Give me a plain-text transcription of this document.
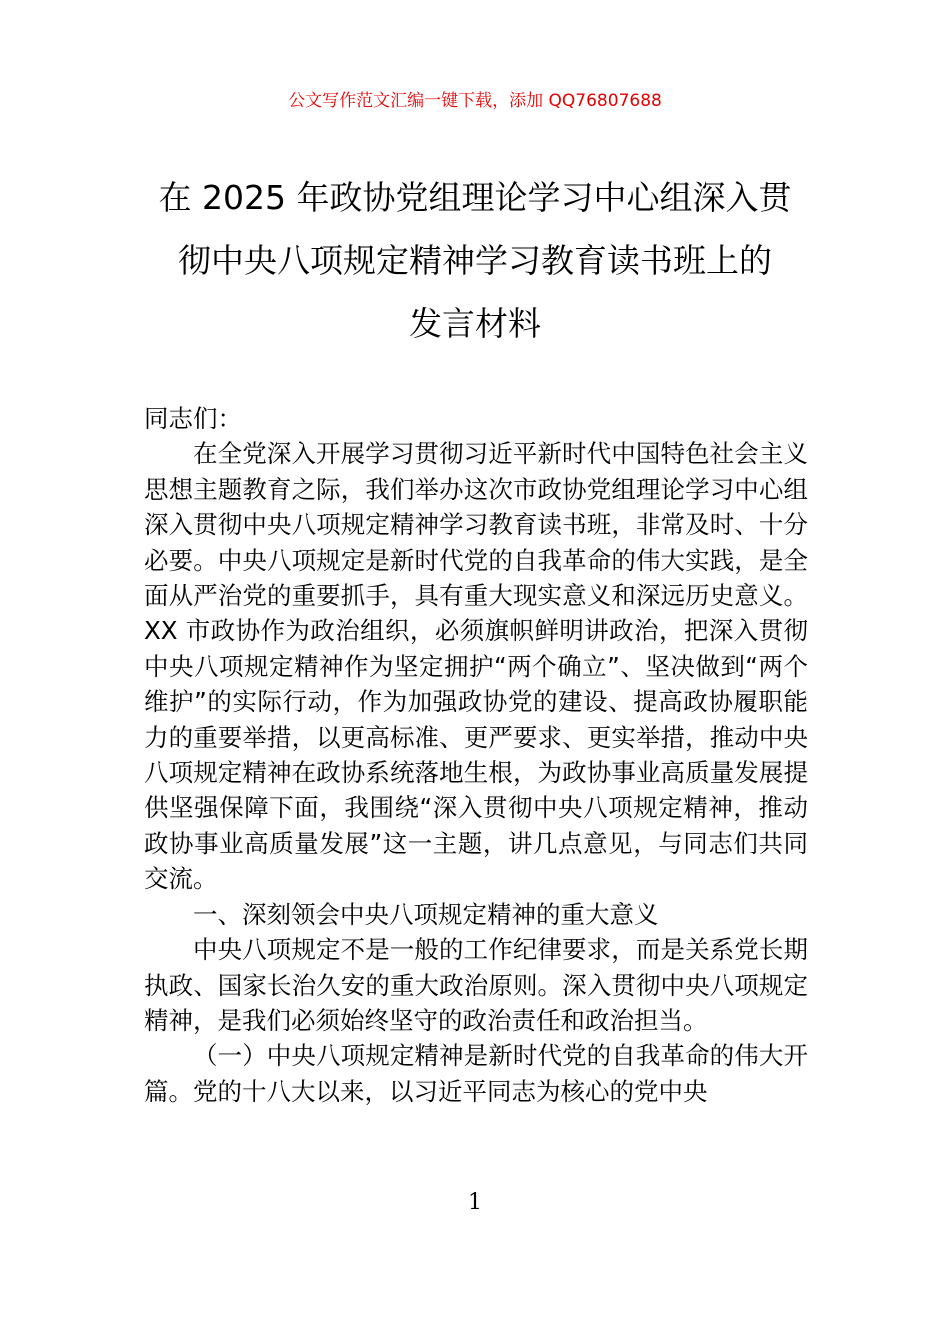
公文写作范文汇编一键下载，添加 QQ76807688
在 2025 年政协党组理论学习中心组深入贯
彻中央八项规定精神学习教育读书班上的
发言材料

同志们：

在全党深入开展学习贯彻习近平新时代中国特色社会主义思想主题教育之际，我们举办这次市政协党组理论学习中心组深入贯彻中央八项规定精神学习教育读书班，非常及时、十分必要。中央八项规定是新时代党的自我革命的伟大实践，是全面从严治党的重要抓手，具有重大现实意义和深远历史意义。XX 市政协作为政治组织，必须旗帜鲜明讲政治，把深入贯彻中央八项规定精神作为坚定拥护“两个确立”、坚决做到“两个维护”的实际行动，作为加强政协党的建设、提高政协履职能力的重要举措，以更高标准、更严要求、更实举措，推动中央八项规定精神在政协系统落地生根，为政协事业高质量发展提供坚强保障下面，我围绕“深入贯彻中央八项规定精神，推动政协事业高质量发展”这一主题，讲几点意见，与同志们共同交流。

一、深刻领会中央八项规定精神的重大意义

中央八项规定不是一般的工作纪律要求，而是关系党长期执政、国家长治久安的重大政治原则。深入贯彻中央八项规定精神，是我们必须始终坚守的政治责任和政治担当。

（一）中央八项规定精神是新时代党的自我革命的伟大开篇。党的十八大以来，以习近平同志为核心的党中央

1
